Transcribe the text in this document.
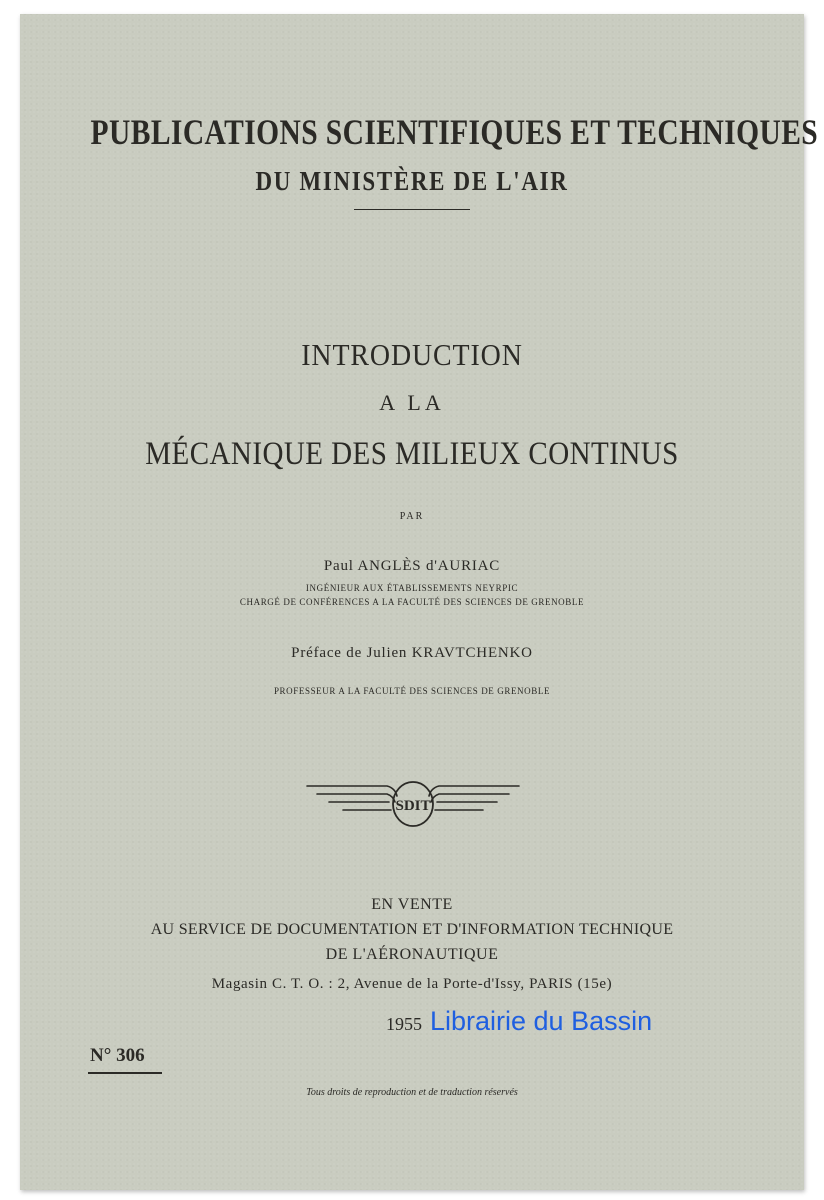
PUBLICATIONS SCIENTIFIQUES ET TECHNIQUES
DU MINISTÈRE DE L'AIR
INTRODUCTION
A LA
MÉCANIQUE DES MILIEUX CONTINUS
PAR
Paul ANGLÈS d'AURIAC
INGÉNIEUR AUX ÉTABLISSEMENTS NEYRPIC
CHARGÉ DE CONFÉRENCES A LA FACULTÉ DES SCIENCES DE GRENOBLE
Préface de Julien KRAVTCHENKO
PROFESSEUR A LA FACULTÉ DES SCIENCES DE GRENOBLE
SDIT
EN VENTE
AU SERVICE DE DOCUMENTATION ET D'INFORMATION TECHNIQUE
DE L'AÉRONAUTIQUE
Magasin C. T. O. : 2, Avenue de la Porte-d'Issy, PARIS (15e)
1955
N° 306
Tous droits de reproduction et de traduction réservés
Librairie du Bassin
